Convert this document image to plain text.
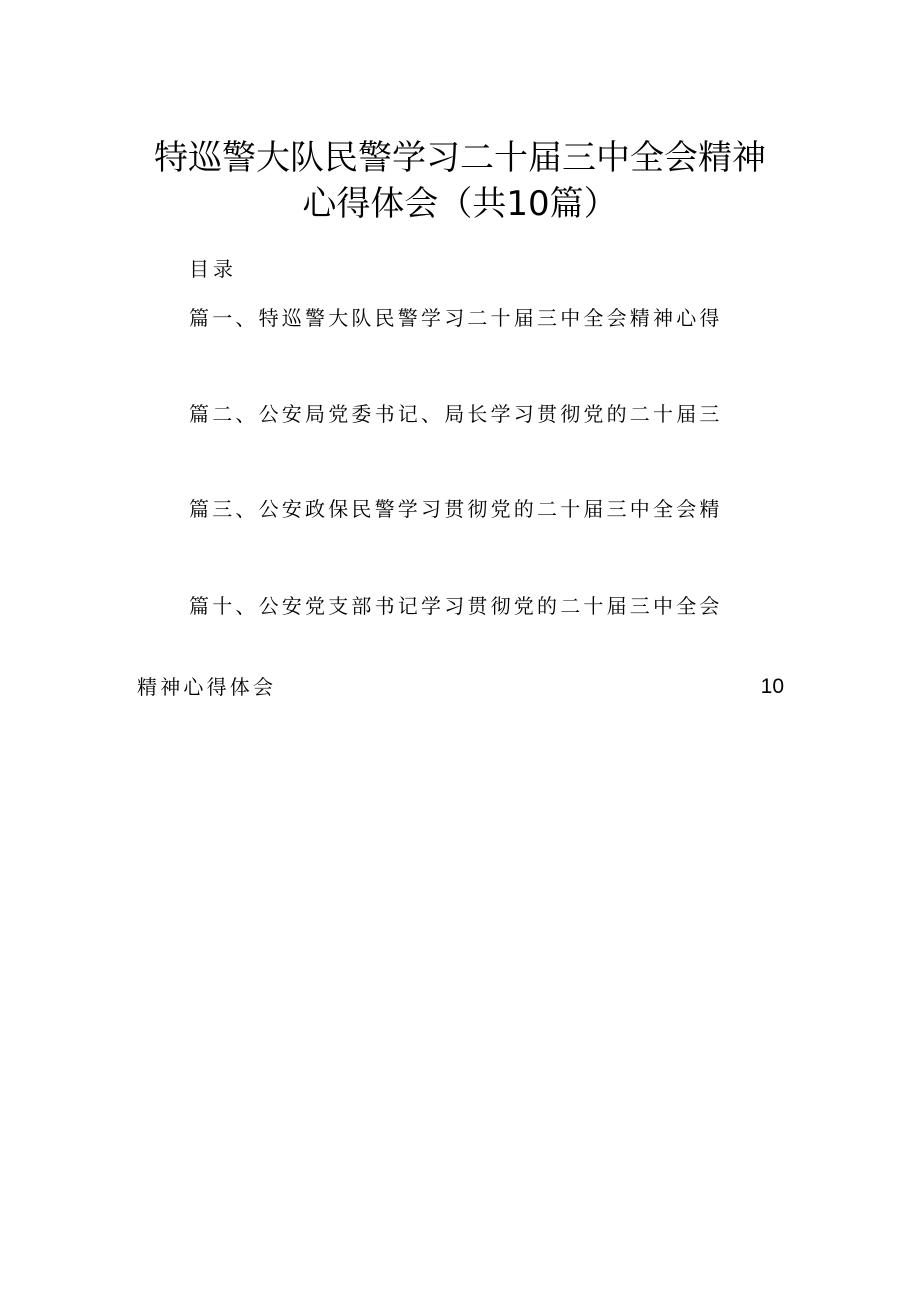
特巡警大队民警学习二十届三中全会精神
心得体会（共10篇）
目录
篇一、特巡警大队民警学习二十届三中全会精神心得
篇二、公安局党委书记、局长学习贯彻党的二十届三
篇三、公安政保民警学习贯彻党的二十届三中全会精
篇十、公安党支部书记学习贯彻党的二十届三中全会
精神心得体会	10
